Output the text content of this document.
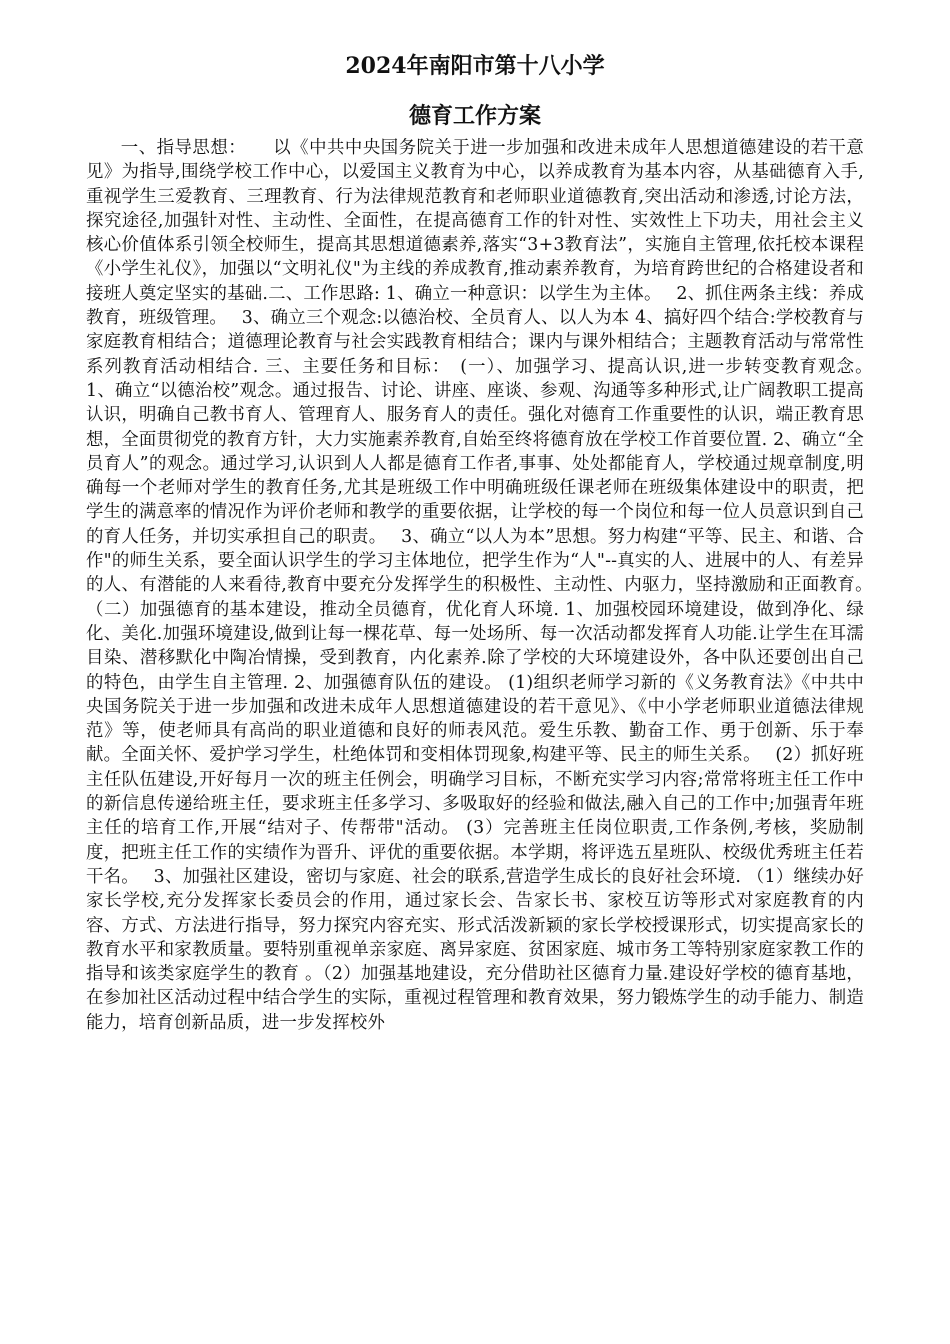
2024年南阳市第十八小学
德育工作方案

一、指导思想：　　以《中共中央国务院关于进一步加强和改进未成年人思想道德建设的若干意见》为指导,围绕学校工作中心，以爱国主义教育为中心，以养成教育为基本内容，从基础德育入手,重视学生三爱教育、三理教育、行为法律规范教育和老师职业道德教育,突出活动和渗透,讨论方法，探究途径,加强针对性、主动性、全面性，在提高德育工作的针对性、实效性上下功夫，用社会主义核心价值体系引领全校师生，提高其思想道德素养,落实“3+3教育法”，实施自主管理,依托校本课程《小学生礼仪》，加强以“文明礼仪"为主线的养成教育,推动素养教育，为培育跨世纪的合格建设者和接班人奠定坚实的基础.二、工作思路: 1、确立一种意识：以学生为主体。　 2、抓住两条主线：养成教育，班级管理。　 3、确立三个观念:以德治校、全员育人、以人为本 4、搞好四个结合:学校教育与家庭教育相结合；道德理论教育与社会实践教育相结合；课内与课外相结合；主题教育活动与常常性系列教育活动相结合. 三、主要任务和目标：　(一）、加强学习、提高认识,进一步转变教育观念。　 1、确立“以德治校”观念。通过报告、讨论、讲座、座谈、参观、沟通等多种形式,让广阔教职工提高认识，明确自己教书育人、管理育人、服务育人的责任。强化对德育工作重要性的认识，端正教育思想，全面贯彻党的教育方针，大力实施素养教育,自始至终将德育放在学校工作首要位置. 2、确立“全员育人”的观念。通过学习,认识到人人都是德育工作者,事事、处处都能育人，学校通过规章制度,明确每一个老师对学生的教育任务,尤其是班级工作中明确班级任课老师在班级集体建设中的职责，把学生的满意率的情况作为评价老师和教学的重要依据，让学校的每一个岗位和每一位人员意识到自己的育人任务，并切实承担自己的职责。　 3、确立“以人为本”思想。努力构建“平等、民主、和谐、合作"的师生关系，要全面认识学生的学习主体地位，把学生作为“人"--真实的人、进展中的人、有差异的人、有潜能的人来看待,教育中要充分发挥学生的积极性、主动性、内驱力，坚持激励和正面教育。　　（二）加强德育的基本建设，推动全员德育，优化育人环境. 1、加强校园环境建设，做到净化、绿化、美化.加强环境建设,做到让每一棵花草、每一处场所、每一次活动都发挥育人功能.让学生在耳濡目染、潜移默化中陶冶情操，受到教育，内化素养.除了学校的大环境建设外，各中队还要创出自己的特色，由学生自主管理. 2、加强德育队伍的建设。 (1)组织老师学习新的《义务教育法》《中共中央国务院关于进一步加强和改进未成年人思想道德建设的若干意见》、《中小学老师职业道德法律规范》等，使老师具有高尚的职业道德和良好的师表风范。爱生乐教、勤奋工作、勇于创新、乐于奉献。全面关怀、爱护学习学生，杜绝体罚和变相体罚现象,构建平等、民主的师生关系。　 (2）抓好班主任队伍建设,开好每月一次的班主任例会，明确学习目标，不断充实学习内容;常常将班主任工作中的新信息传递给班主任，要求班主任多学习、多吸取好的经验和做法,融入自己的工作中;加强青年班主任的培育工作,开展“结对子、传帮带"活动。 (3）完善班主任岗位职责,工作条例,考核，奖励制度，把班主任工作的实绩作为晋升、评优的重要依据。本学期，将评选五星班队、校级优秀班主任若干名。　 3、加强社区建设，密切与家庭、社会的联系,营造学生成长的良好社会环境. （1）继续办好家长学校,充分发挥家长委员会的作用，通过家长会、告家长书、家校互访等形式对家庭教育的内容、方式、方法进行指导，努力探究内容充实、形式活泼新颖的家长学校授课形式，切实提高家长的教育水平和家教质量。要特别重视单亲家庭、离异家庭、贫困家庭、城市务工等特别家庭家教工作的指导和该类家庭学生的教育 。（2）加强基地建设，充分借助社区德育力量.建设好学校的德育基地，在参加社区活动过程中结合学生的实际，重视过程管理和教育效果，努力锻炼学生的动手能力、制造能力，培育创新品质，进一步发挥校外
